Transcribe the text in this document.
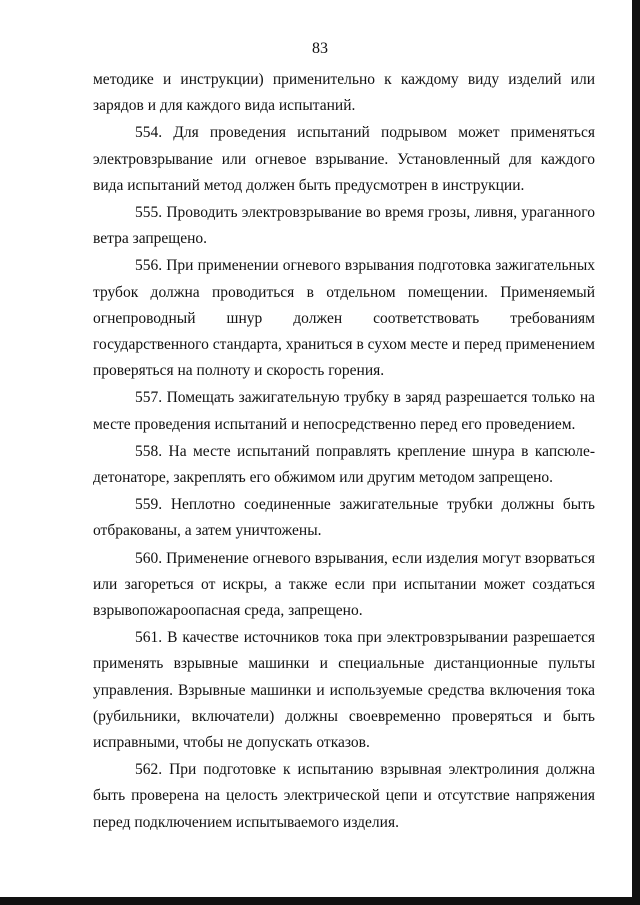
83

методике и инструкции) применительно к каждому виду изделий или зарядов и для каждого вида испытаний.

554. Для проведения испытаний подрывом может применяться электровзрывание или огневое взрывание. Установленный для каждого вида испытаний метод должен быть предусмотрен в инструкции.

555. Проводить электровзрывание во время грозы, ливня, ураганного ветра запрещено.

556. При применении огневого взрывания подготовка зажигательных трубок должна проводиться в отдельном помещении. Применяемый огнепроводный шнур должен соответствовать требованиям государственного стандарта, храниться в сухом месте и перед применением проверяться на полноту и скорость горения.

557. Помещать зажигательную трубку в заряд разрешается только на месте проведения испытаний и непосредственно перед его проведением.

558. На месте испытаний поправлять крепление шнура в капсюле-детонаторе, закреплять его обжимом или другим методом запрещено.

559. Неплотно соединенные зажигательные трубки должны быть отбракованы, а затем уничтожены.

560. Применение огневого взрывания, если изделия могут взорваться или загореться от искры, а также если при испытании может создаться взрывопожароопасная среда, запрещено.

561. В качестве источников тока при электровзрывании разрешается применять взрывные машинки и специальные дистанционные пульты управления. Взрывные машинки и используемые средства включения тока (рубильники, включатели) должны своевременно проверяться и быть исправными, чтобы не допускать отказов.

562. При подготовке к испытанию взрывная электролиния должна быть проверена на целость электрической цепи и отсутствие напряжения перед подключением испытываемого изделия.
